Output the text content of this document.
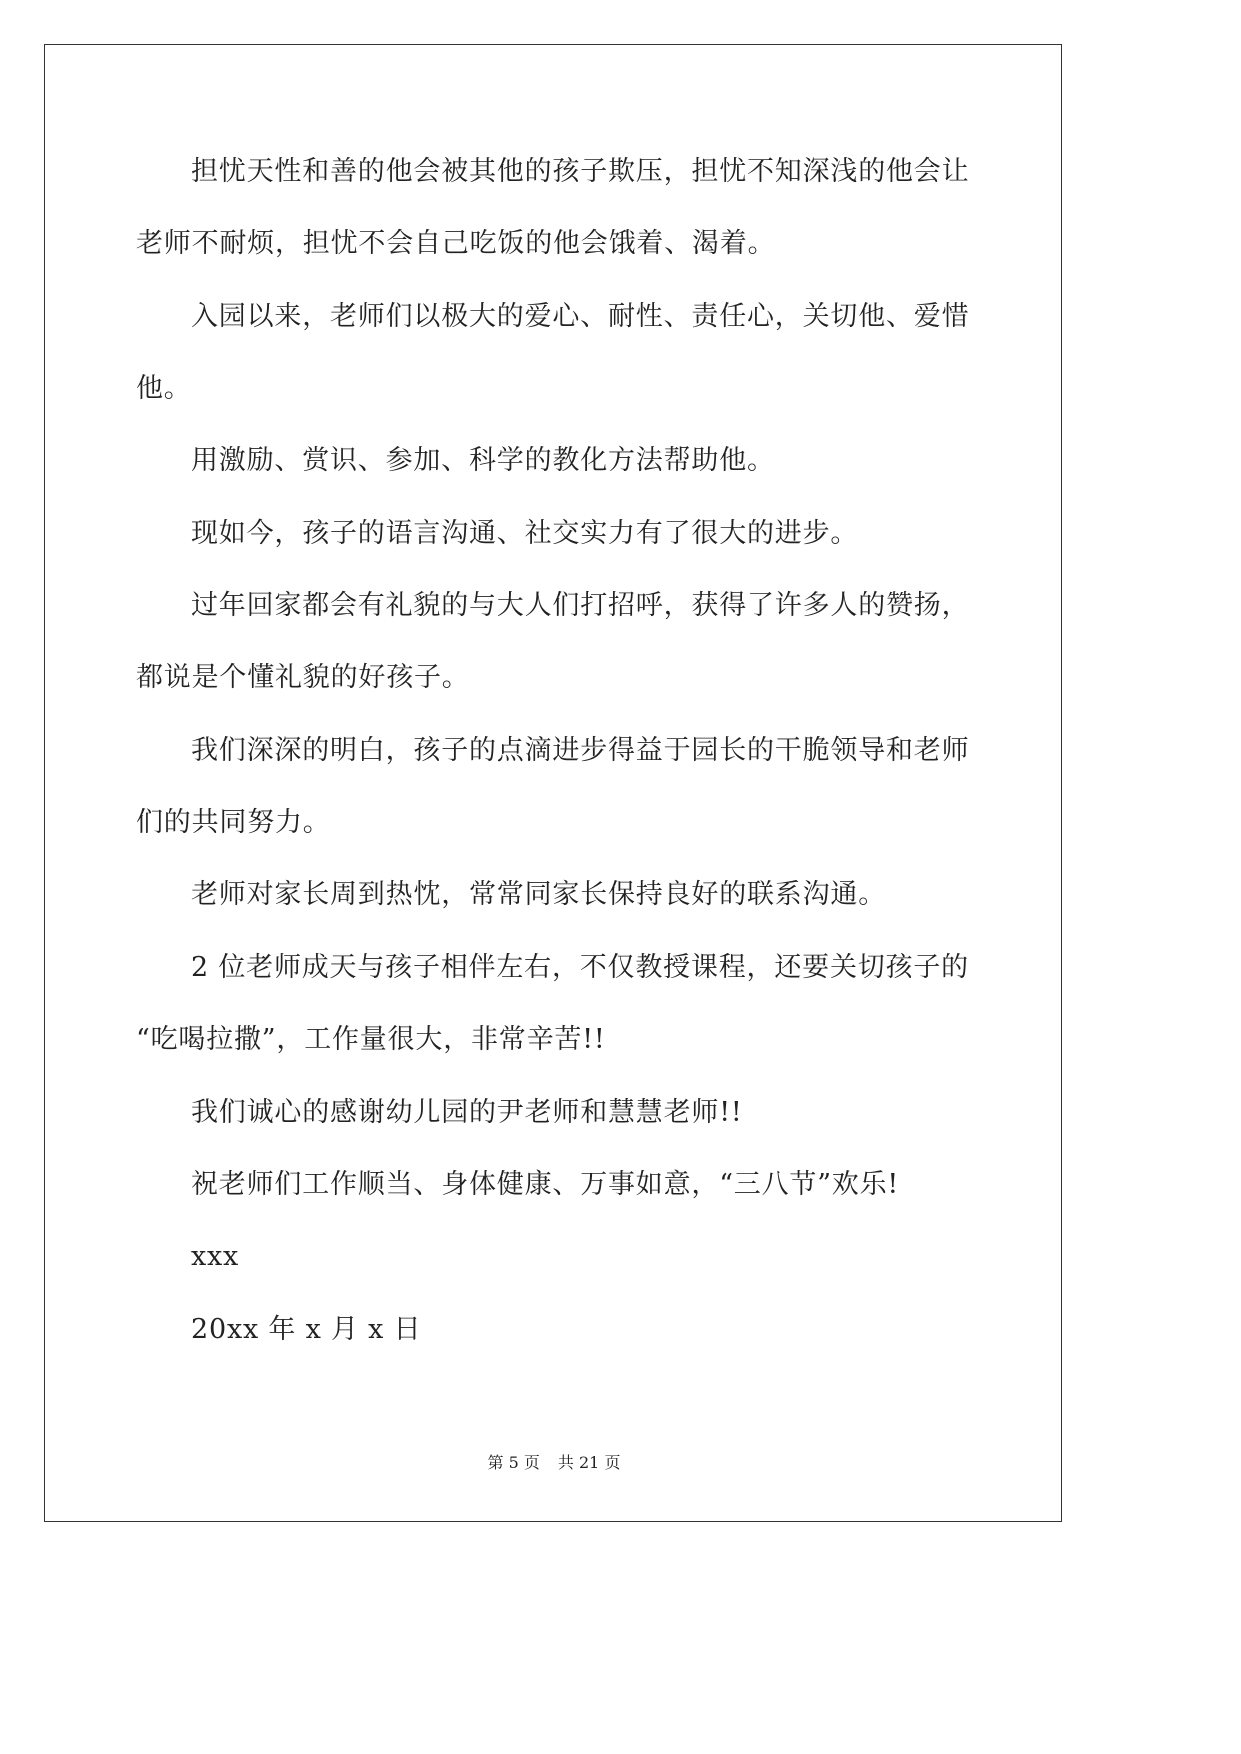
担忧天性和善的他会被其他的孩子欺压，担忧不知深浅的他会让
老师不耐烦，担忧不会自己吃饭的他会饿着、渴着。
入园以来，老师们以极大的爱心、耐性、责任心，关切他、爱惜
他。
用激励、赏识、参加、科学的教化方法帮助他。
现如今，孩子的语言沟通、社交实力有了很大的进步。
过年回家都会有礼貌的与大人们打招呼，获得了许多人的赞扬，
都说是个懂礼貌的好孩子。
我们深深的明白，孩子的点滴进步得益于园长的干脆领导和老师
们的共同努力。
老师对家长周到热忱，常常同家长保持良好的联系沟通。
2 位老师成天与孩子相伴左右，不仅教授课程，还要关切孩子的
“吃喝拉撒”，工作量很大，非常辛苦!!
我们诚心的感谢幼儿园的尹老师和慧慧老师!!
祝老师们工作顺当、身体健康、万事如意，“三八节”欢乐!
xxx
20xx 年 x 月 x 日
第 5 页 共 21 页
